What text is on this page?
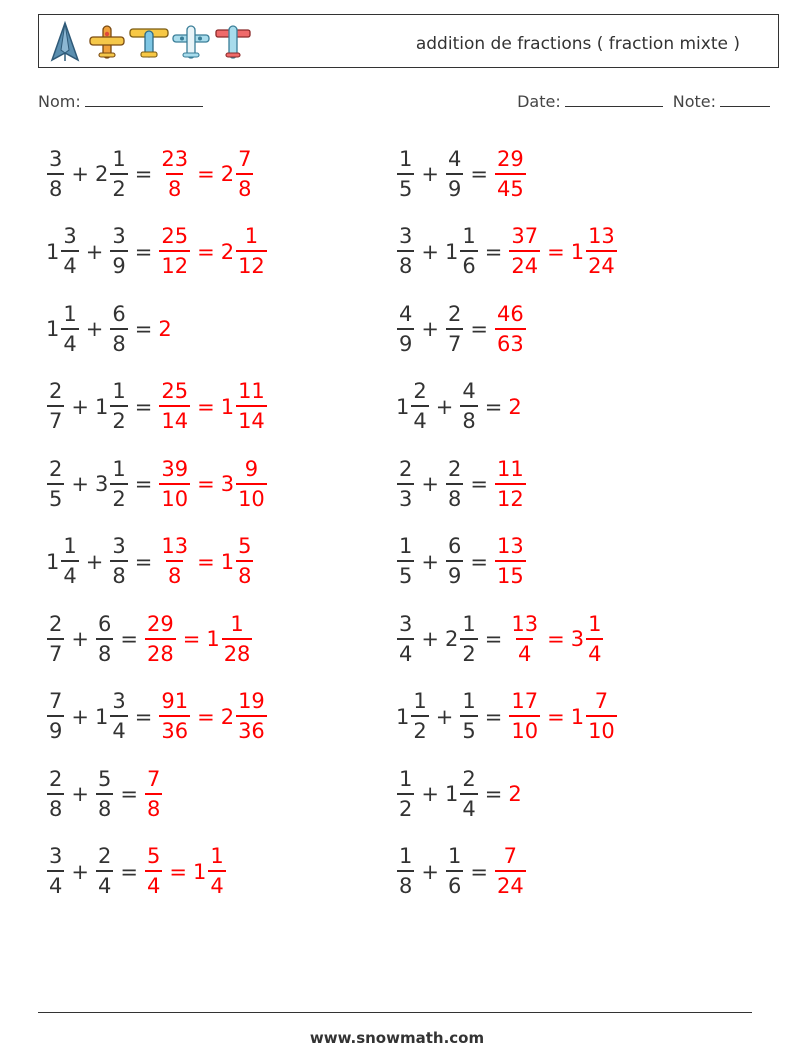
addition de fractions ( fraction mixte )
Nom:	Date:	Note:
$\frac{3}{8} + 2 \frac{1}{2} = \frac{23}{8} = 2 \frac{7}{8}$	$\frac{1}{5} + \frac{4}{9} = \frac{29}{45}$
$1 \frac{3}{4} + \frac{3}{9} = \frac{25}{12} = 2 \frac{1}{12}$	$\frac{3}{8} + 1 \frac{1}{6} = \frac{37}{24} = 1 \frac{13}{24}$
$1 \frac{1}{4} + \frac{6}{8} = 2$	$\frac{4}{9} + \frac{2}{7} = \frac{46}{63}$
$\frac{2}{7} + 1 \frac{1}{2} = \frac{25}{14} = 1 \frac{11}{14}$	$1 \frac{2}{4} + \frac{4}{8} = 2$
$\frac{2}{5} + 3 \frac{1}{2} = \frac{39}{10} = 3 \frac{9}{10}$	$\frac{2}{3} + \frac{2}{8} = \frac{11}{12}$
$1 \frac{1}{4} + \frac{3}{8} = \frac{13}{8} = 1 \frac{5}{8}$	$\frac{1}{5} + \frac{6}{9} = \frac{13}{15}$
$\frac{2}{7} + \frac{6}{8} = \frac{29}{28} = 1 \frac{1}{28}$	$\frac{3}{4} + 2 \frac{1}{2} = \frac{13}{4} = 3 \frac{1}{4}$
$\frac{7}{9} + 1 \frac{3}{4} = \frac{91}{36} = 2 \frac{19}{36}$	$1 \frac{1}{2} + \frac{1}{5} = \frac{17}{10} = 1 \frac{7}{10}$
$\frac{2}{8} + \frac{5}{8} = \frac{7}{8}$	$\frac{1}{2} + 1 \frac{2}{4} = 2$
$\frac{3}{4} + \frac{2}{4} = \frac{5}{4} = 1 \frac{1}{4}$	$\frac{1}{8} + \frac{1}{6} = \frac{7}{24}$
www.snowmath.com
